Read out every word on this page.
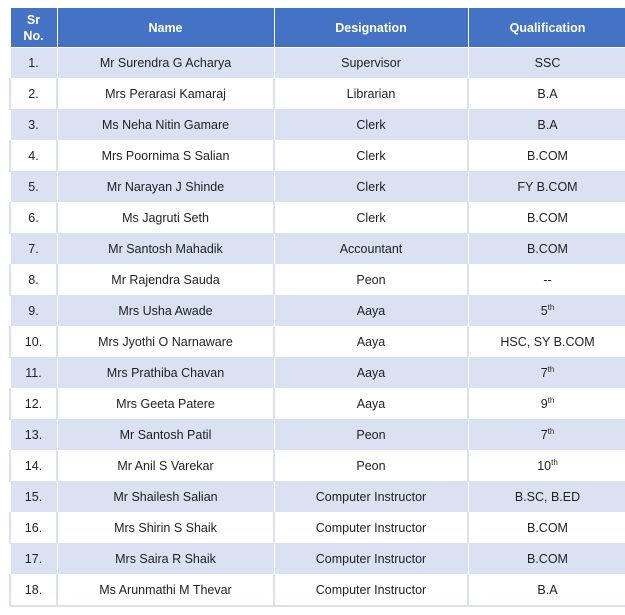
Sr
No.	Name	Designation	Qualification
1.	Mr Surendra G Acharya	Supervisor	SSC
2.	Mrs Perarasi Kamaraj	Librarian	B.A
3.	Ms Neha Nitin Gamare	Clerk	B.A
4.	Mrs Poornima S Salian	Clerk	B.COM
5.	Mr Narayan J Shinde	Clerk	FY B.COM
6.	Ms Jagruti Seth	Clerk	B.COM
7.	Mr Santosh Mahadik	Accountant	B.COM
8.	Mr Rajendra Sauda	Peon	--
9.	Mrs Usha Awade	Aaya	5th
10.	Mrs Jyothi O Narnaware	Aaya	HSC, SY B.COM
11.	Mrs Prathiba Chavan	Aaya	7th
12.	Mrs Geeta Patere	Aaya	9th
13.	Mr Santosh Patil	Peon	7th
14.	Mr Anil S Varekar	Peon	10th
15.	Mr Shailesh Salian	Computer Instructor	B.SC, B.ED
16.	Mrs Shirin S Shaik	Computer Instructor	B.COM
17.	Mrs Saira R Shaik	Computer Instructor	B.COM
18.	Ms Arunmathi M Thevar	Computer Instructor	B.A
